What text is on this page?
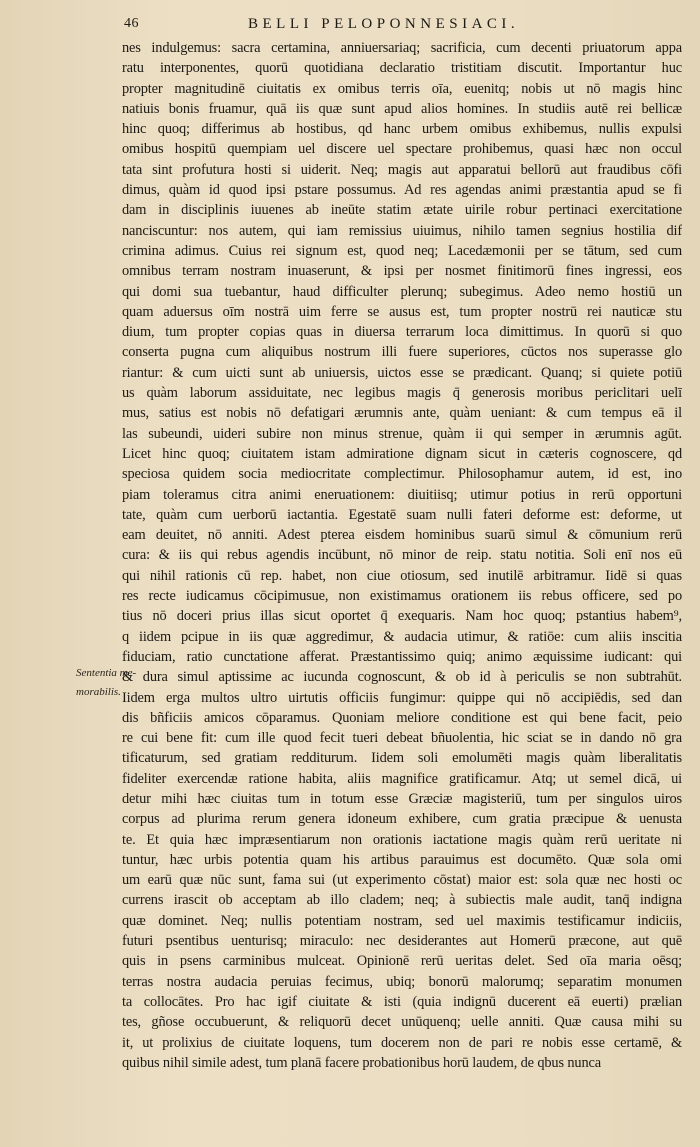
46	BELLI PELOPONNESIACI.
Sententia me-
morabilis.
nes indulgemus: sacra certamina, anniuersariaq; sacrificia, cum decenti priuatorum appa
ratu interponentes, quorū quotidiana declaratio tristitiam discutit. Importantur huc
propter magnitudinē ciuitatis ex omibus terris oīa, euenitq; nobis ut nō magis hinc
natiuis bonis fruamur, quā iis quæ sunt apud alios homines. In studiis autē rei bellicæ
hinc quoq; differimus ab hostibus, qd hanc urbem omibus exhibemus, nullis expulsi
omibus hospitū quempiam uel discere uel spectare prohibemus, quasi hæc non occul
tata sint profutura hosti si uiderit. Neq; magis aut apparatui bellorū aut fraudibus cōfi
dimus, quàm id quod ipsi pstare possumus. Ad res agendas animi præstantia apud se fi
dam in disciplinis iuuenes ab ineūte statim ætate uirile robur pertinaci exercitatione
nanciscuntur: nos autem, qui iam remissius uiuimus, nihilo tamen segnius hostilia dif
crimina adimus. Cuius rei signum est, quod neq; Lacedæmonii per se tātum, sed cum
omnibus terram nostram inuaserunt, & ipsi per nosmet finitimorū fines ingressi, eos
qui domi sua tuebantur, haud difficulter plerunq; subegimus. Adeo nemo hostiū un
quam aduersus oīm nostrā uim ferre se ausus est, tum propter nostrū rei nauticæ stu
dium, tum propter copias quas in diuersa terrarum loca dimittimus. In quorū si quo
conserta pugna cum aliquibus nostrum illi fuere superiores, cūctos nos superasse glo
riantur: & cum uicti sunt ab uniuersis, uictos esse se prædicant. Quanq; si quiete potiū
us quàm laborum assiduitate, nec legibus magis q̄ generosis moribus periclitari uelī
mus, satius est nobis nō defatigari ærumnis ante, quàm ueniant: & cum tempus eā il
las subeundi, uideri subire non minus strenue, quàm ii qui semper in ærumnis agūt.
Licet hinc quoq; ciuitatem istam admiratione dignam sicut in cæteris cognoscere, qd
speciosa quidem socia mediocritate complectimur. Philosophamur autem, id est, ino
piam toleramus citra animi eneruationem: diuitiisq; utimur potius in rerū opportuni
tate, quàm cum uerborū iactantia. Egestatē suam nulli fateri deforme est: deforme, ut
eam deuitet, nō anniti. Adest pterea eisdem hominibus suarū simul & cōmunium rerū
cura: & iis qui rebus agendis incūbunt, nō minor de reip. statu notitia. Soli enī nos eū
qui nihil rationis cū rep. habet, non ciue otiosum, sed inutilē arbitramur. Iidē si quas
res recte iudicamus cōcipimusue, non existimamus orationem iis rebus officere, sed po
tius nō doceri prius illas sicut oportet q̄ exequaris. Nam hoc quoq; pstantius habem⁹,
q iidem pcipue in iis quæ aggredimur, & audacia utimur, & ratiōe: cum aliis inscitia
fiduciam, ratio cunctatione afferat. Præstantissimo quiq; animo æquissime iudicant: qui
& dura simul aptissime ac iucunda cognoscunt, & ob id à periculis se non subtrahūt.
Iidem erga multos ultro uirtutis officiis fungimur: quippe qui nō accipiēdis, sed dan
dis bñficiis amicos cōparamus. Quoniam meliore conditione est qui bene facit, peio
re cui bene fit: cum ille quod fecit tueri debeat bñuolentia, hic sciat se in dando nō gra
tificaturum, sed gratiam redditurum. Iidem soli emolumēti magis quàm liberalitatis
fideliter exercendæ ratione habita, aliis magnifice gratificamur. Atq; ut semel dicā, ui
detur mihi hæc ciuitas tum in totum esse Græciæ magisteriū, tum per singulos uiros
corpus ad plurima rerum genera idoneum exhibere, cum gratia præcipue & uenusta
te. Et quia hæc impræsentiarum non orationis iactatione magis quàm rerū ueritate ni
tuntur, hæc urbis potentia quam his artibus parauimus est documēto. Quæ sola omi
um earū quæ nūc sunt, fama sui (ut experimento cōstat) maior est: sola quæ nec hosti oc
currens irascit ob acceptam ab illo cladem; neq; à subiectis male audit, tanq̄ indigna
quæ dominet. Neq; nullis potentiam nostram, sed uel maximis testificamur indiciis,
futuri psentibus uenturisq; miraculo: nec desiderantes aut Homerū præcone, aut quē
quis in psens carminibus mulceat. Opinionē rerū ueritas delet. Sed oīa maria oēsq;
terras nostra audacia peruias fecimus, ubiq; bonorū malorumq; separatim monumen
ta collocātes. Pro hac igif ciuitate & isti (quia indignū ducerent eā euerti) prælian
tes, gñose occubuerunt, & reliquorū decet unūquenq; uelle anniti. Quæ causa mihi su
it, ut prolixius de ciuitate loquens, tum docerem non de pari re nobis esse certamē, &
quibus nihil simile adest, tum planā facere probationibus horū laudem, de qbus nunca
